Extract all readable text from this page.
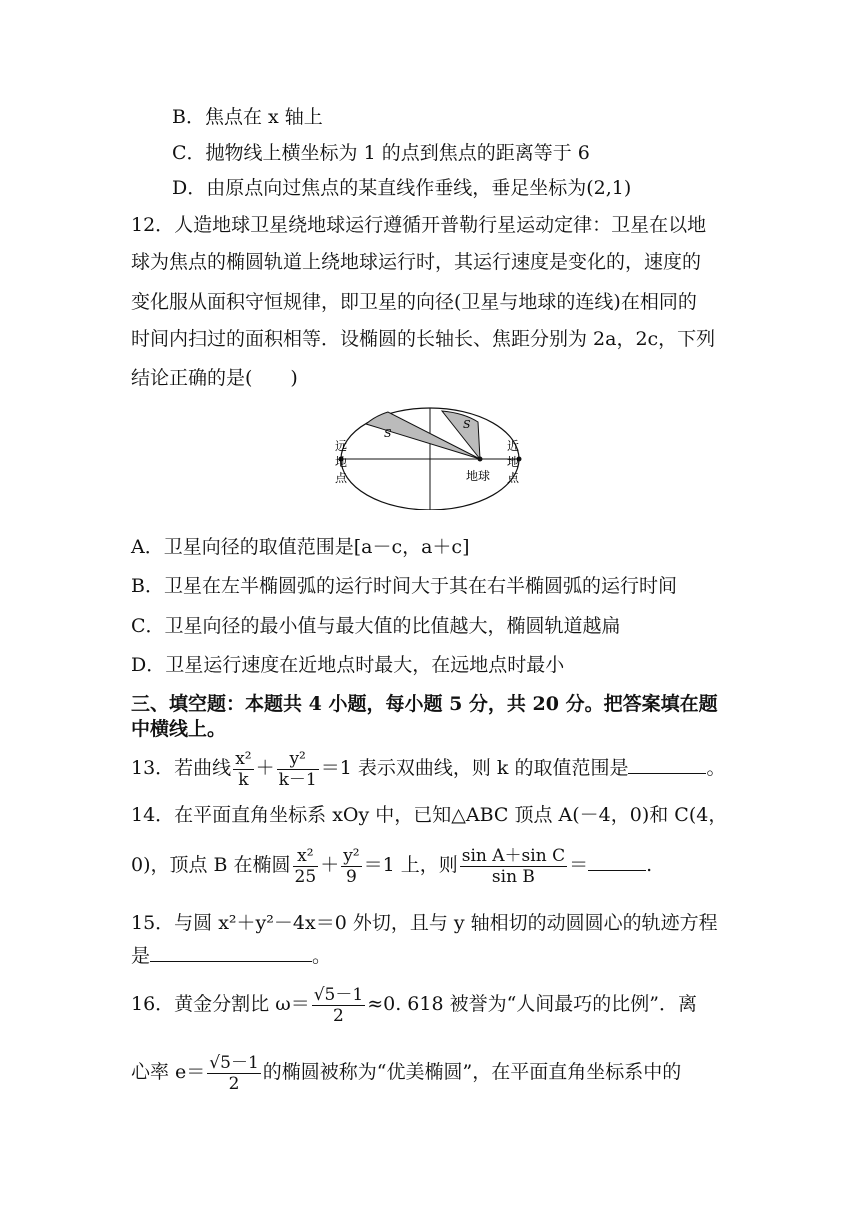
B．焦点在 x 轴上
C．抛物线上横坐标为 1 的点到焦点的距离等于 6
D．由原点向过焦点的某直线作垂线，垂足坐标为(2,1)
12．人造地球卫星绕地球运行遵循开普勒行星运动定律：卫星在以地
球为焦点的椭圆轨道上绕地球运行时，其运行速度是变化的，速度的
变化服从面积守恒规律，即卫星的向径(卫星与地球的连线)在相同的
时间内扫过的面积相等．设椭圆的长轴长、焦距分别为 2a，2c，下列
结论正确的是(　　)
S
S
地球
远
地
点
近
地
点
A．卫星向径的取值范围是[a－c，a＋c]
B．卫星在左半椭圆弧的运行时间大于其在右半椭圆弧的运行时间
C．卫星向径的最小值与最大值的比值越大，椭圆轨道越扁
D．卫星运行速度在近地点时最大，在远地点时最小
三、填空题：本题共 4 小题，每小题 5 分，共 20 分。把答案填在题
中横线上。
13．若曲线 $\frac{\text{x²}}{k} + \frac{\text{y²}}{k-1} =1$ 表示双曲线，则 k 的取值范围是	。
14．在平面直角坐标系 xOy 中，已知△ABC 顶点 A(－4，0)和 C(4，
0)，顶点 B 在椭圆 $\frac{\text{x²}}{25} + \frac{\text{y²}}{9} =1$ 上，则 $\frac{\text{sin A＋sin C}}{\text{sin B}}$ ＝	.
15．与圆 x²＋y²－4x＝0 外切，且与 y 轴相切的动圆圆心的轨迹方程
是	。
16．黄金分割比 $\omega= \frac{√5-1}{2} \approx 0$. 618 被誉为“人间最巧的比例”．离
心率 $e= \frac{√5-1}{2}$ 的椭圆被称为“优美椭圆”，在平面直角坐标系中的
